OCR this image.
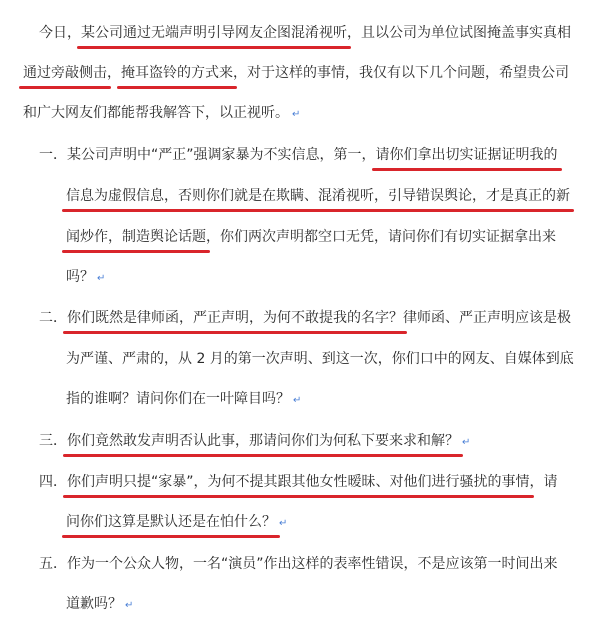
今日，某公司通过无端声明引导网友企图混淆视听，且以公司为单位试图掩盖事实真相
通过旁敲侧击，掩耳盗铃的方式来，对于这样的事情，我仅有以下几个问题，希望贵公司
和广大网友们都能帮我解答下，以正视听。 ↵
一．某公司声明中“严正”强调家暴为不实信息，第一，请你们拿出切实证据证明我的
信息为虚假信息，否则你们就是在欺瞒、混淆视听，引导错误舆论，才是真正的新
闻炒作，制造舆论话题，你们两次声明都空口无凭，请问你们有切实证据拿出来
吗？ ↵
二．你们既然是律师函，严正声明，为何不敢提我的名字？律师函、严正声明应该是极
为严谨、严肃的，从 2 月的第一次声明、到这一次，你们口中的网友、自媒体到底
指的谁啊？请问你们在一叶障目吗？ ↵
三．你们竟然敢发声明否认此事，那请问你们为何私下要来求和解？ ↵
四．你们声明只提“家暴”，为何不提其跟其他女性暧昧、对他们进行骚扰的事情，请
问你们这算是默认还是在怕什么？ ↵
五．作为一个公众人物，一名“演员”作出这样的表率性错误，不是应该第一时间出来
道歉吗？ ↵
